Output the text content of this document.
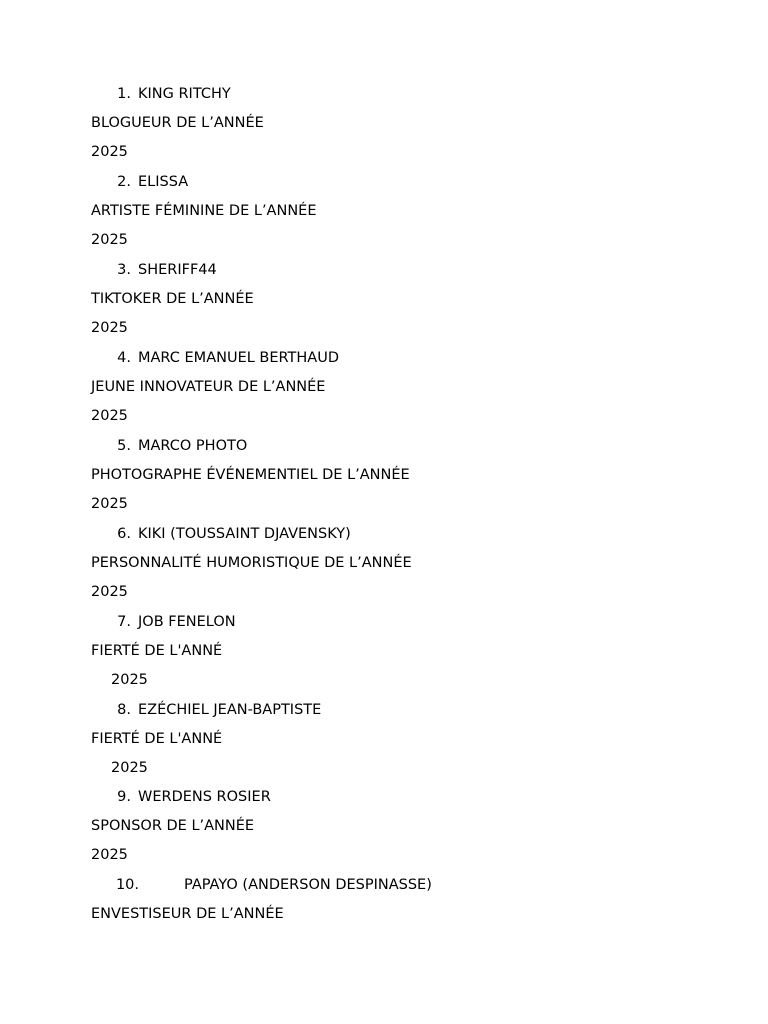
1. KING RITCHY
BLOGUEUR DE L’ANNÉE
2025
2. ELISSA
ARTISTE FÉMININE DE L’ANNÉE
2025
3. SHERIFF44
TIKTOKER DE L’ANNÉE
2025
4. MARC EMANUEL BERTHAUD
JEUNE INNOVATEUR DE L’ANNÉE
2025
5. MARCO PHOTO
PHOTOGRAPHE ÉVÉNEMENTIEL DE L’ANNÉE
2025
6. KIKI (TOUSSAINT DJAVENSKY)
PERSONNALITÉ HUMORISTIQUE DE L’ANNÉE
2025
7. JOB FENELON
FIERTÉ DE L'ANNÉ
2025
8. EZÉCHIEL JEAN-BAPTISTE
FIERTÉ DE L'ANNÉ
2025
9. WERDENS ROSIER
SPONSOR DE L’ANNÉE
2025
10.	PAPAYO (ANDERSON DESPINASSE)
ENVESTISEUR DE L’ANNÉE
